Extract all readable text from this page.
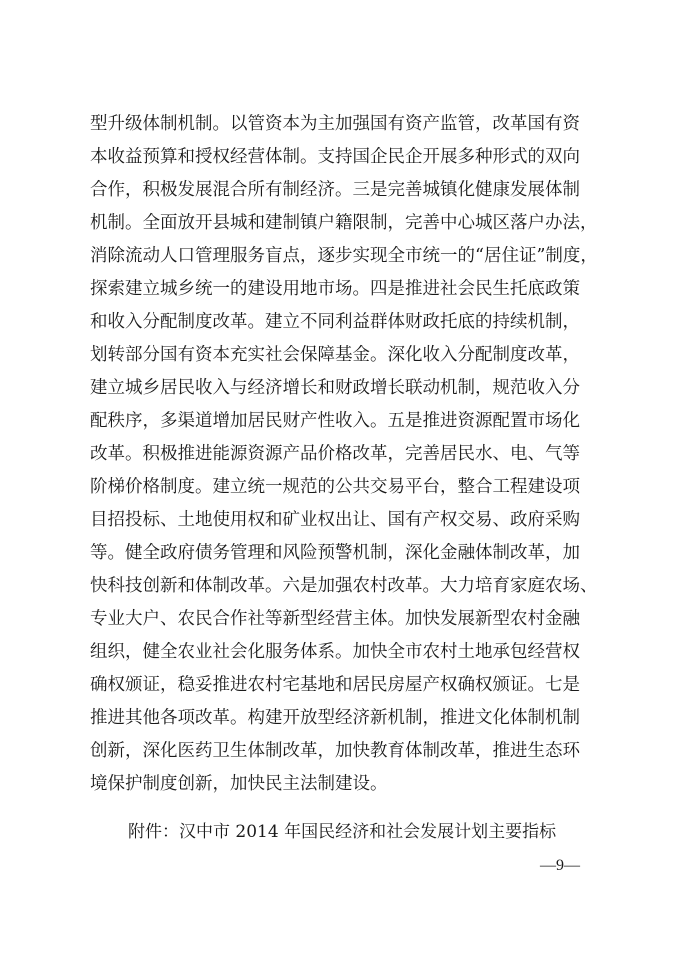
型升级体制机制。以管资本为主加强国有资产监管，改革国有资
本收益预算和授权经营体制。支持国企民企开展多种形式的双向
合作，积极发展混合所有制经济。三是完善城镇化健康发展体制
机制。全面放开县城和建制镇户籍限制，完善中心城区落户办法，
消除流动人口管理服务盲点，逐步实现全市统一的“居住证”制度，
探索建立城乡统一的建设用地市场。四是推进社会民生托底政策
和收入分配制度改革。建立不同利益群体财政托底的持续机制，
划转部分国有资本充实社会保障基金。深化收入分配制度改革，
建立城乡居民收入与经济增长和财政增长联动机制，规范收入分
配秩序，多渠道增加居民财产性收入。五是推进资源配置市场化
改革。积极推进能源资源产品价格改革，完善居民水、电、气等
阶梯价格制度。建立统一规范的公共交易平台，整合工程建设项
目招投标、土地使用权和矿业权出让、国有产权交易、政府采购
等。健全政府债务管理和风险预警机制，深化金融体制改革，加
快科技创新和体制改革。六是加强农村改革。大力培育家庭农场、
专业大户、农民合作社等新型经营主体。加快发展新型农村金融
组织，健全农业社会化服务体系。加快全市农村土地承包经营权
确权颁证，稳妥推进农村宅基地和居民房屋产权确权颁证。七是
推进其他各项改革。构建开放型经济新机制，推进文化体制机制
创新，深化医药卫生体制改革，加快教育体制改革，推进生态环
境保护制度创新，加快民主法制建设。
附件：汉中市 2014 年国民经济和社会发展计划主要指标
—9—
